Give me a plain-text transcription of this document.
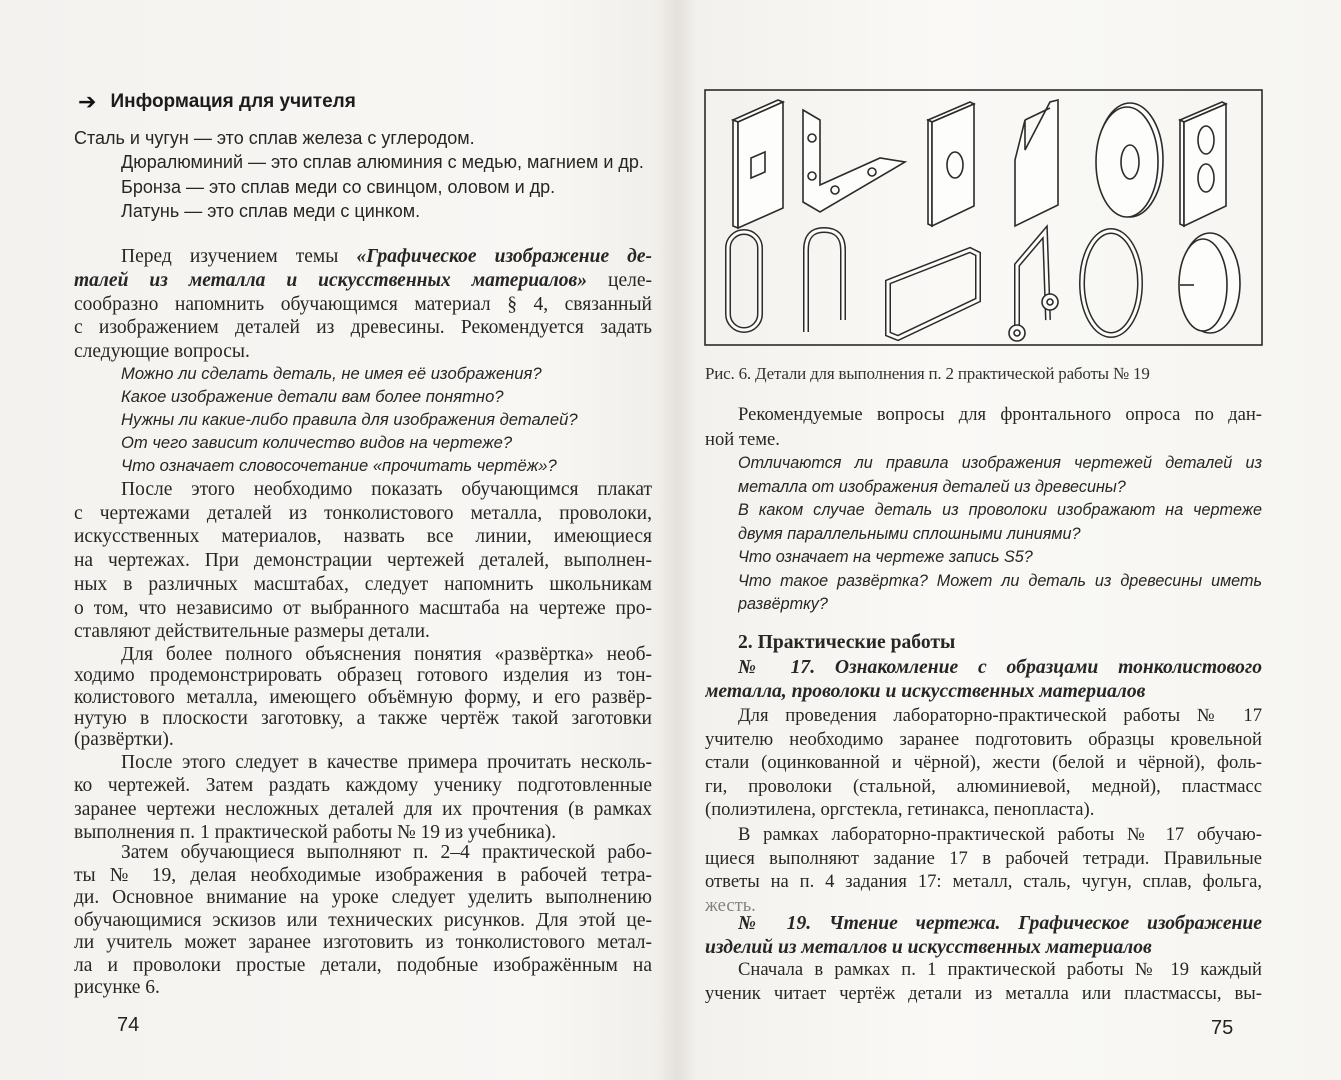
➔ Информация для учителя
Сталь и чугун — это сплав железа с углеродом.
Дюралюминий — это сплав алюминия с медью, магнием и др.
Бронза — это сплав меди со свинцом, оловом и др.
Латунь — это сплав меди с цинком.
Перед изучением темы «Графическое изображение де-
талей из металла и искусственных материалов» целе-
сообразно напомнить обучающимся материал § 4, связанный
с изображением деталей из древесины. Рекомендуется задать
следующие вопросы.
Можно ли сделать деталь, не имея её изображения?
Какое изображение детали вам более понятно?
Нужны ли какие-либо правила для изображения деталей?
От чего зависит количество видов на чертеже?
Что означает словосочетание «прочитать чертёж»?
После этого необходимо показать обучающимся плакат
с чертежами деталей из тонколистового металла, проволоки,
искусственных материалов, назвать все линии, имеющиеся
на чертежах. При демонстрации чертежей деталей, выполнен-
ных в различных масштабах, следует напомнить школьникам
о том, что независимо от выбранного масштаба на чертеже про-
ставляют действительные размеры детали.
Для более полного объяснения понятия «развёртка» необ-
ходимо продемонстрировать образец готового изделия из тон-
колистового металла, имеющего объёмную форму, и его развёр-
нутую в плоскости заготовку, а также чертёж такой заготовки
(развёртки).
После этого следует в качестве примера прочитать несколь-
ко чертежей. Затем раздать каждому ученику подготовленные
заранее чертежи несложных деталей для их прочтения (в рамках
выполнения п. 1 практической работы № 19 из учебника).
Затем обучающиеся выполняют п. 2–4 практической рабо-
ты № 19, делая необходимые изображения в рабочей тетра-
ди. Основное внимание на уроке следует уделить выполнению
обучающимися эскизов или технических рисунков. Для этой це-
ли учитель может заранее изготовить из тонколистового метал-
ла и проволоки простые детали, подобные изображённым на
рисунке 6.
Рекомендуемые вопросы для фронтального опроса по дан-
ной теме.
Отличаются ли правила изображения чертежей деталей из
металла от изображения деталей из древесины?
В каком случае деталь из проволоки изображают на чертеже
двумя параллельными сплошными линиями?
Что означает на чертеже запись S5?
Что такое развёртка? Может ли деталь из древесины иметь
развёртку?
2. Практические работы
№ 17. Ознакомление с образцами тонколистового
металла, проволоки и искусственных материалов
Для проведения лабораторно-практической работы № 17
учителю необходимо заранее подготовить образцы кровельной
стали (оцинкованной и чёрной), жести (белой и чёрной), фоль-
ги, проволоки (стальной, алюминиевой, медной), пластмасс
(полиэтилена, оргстекла, гетинакса, пенопласта).
В рамках лабораторно-практической работы № 17 обучаю-
щиеся выполняют задание 17 в рабочей тетради. Правильные
ответы на п. 4 задания 17: металл, сталь, чугун, сплав, фольга,
жесть.
№ 19. Чтение чертежа. Графическое изображение
изделий из металлов и искусственных материалов
Сначала в рамках п. 1 практической работы № 19 каждый
ученик читает чертёж детали из металла или пластмассы, вы-
Рис. 6. Детали для выполнения п. 2 практической работы № 19
74	75
